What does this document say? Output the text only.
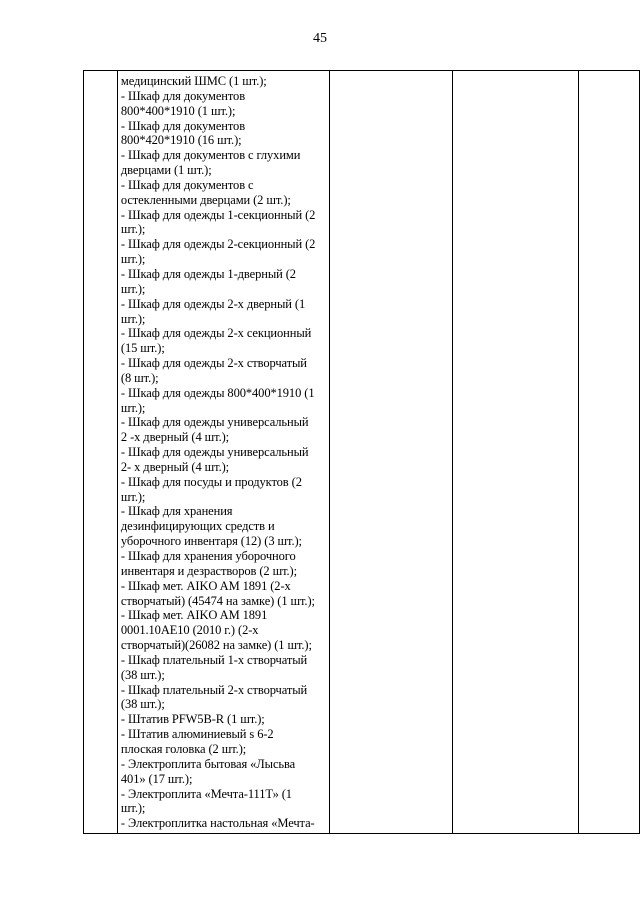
45

медицинский ШМС (1 шт.);
- Шкаф для документов
800*400*1910 (1 шт.);
- Шкаф для документов
800*420*1910 (16 шт.);
- Шкаф для документов с глухими
дверцами (1 шт.);
- Шкаф для документов с
остекленными дверцами (2 шт.);
- Шкаф для одежды 1-секционный (2
шт.);
- Шкаф для одежды 2-секционный (2
шт.);
- Шкаф для одежды 1-дверный (2
шт.);
- Шкаф для одежды 2-х дверный (1
шт.);
- Шкаф для одежды 2-х секционный
(15 шт.);
- Шкаф для одежды 2-х створчатый
(8 шт.);
- Шкаф для одежды 800*400*1910 (1
шт.);
- Шкаф для одежды универсальный
2 -х дверный (4 шт.);
- Шкаф для одежды универсальный
2- х дверный (4 шт.);
- Шкаф для посуды и продуктов (2
шт.);
- Шкаф для хранения
дезинфицирующих средств и
уборочного инвентаря (12) (3 шт.);
- Шкаф для хранения уборочного
инвентаря и дезрастворов (2 шт.);
- Шкаф мет. AIKO AM 1891 (2-х
створчатый) (45474 на замке) (1 шт.);
- Шкаф мет. AIKO AM 1891
0001.10AE10 (2010 г.) (2-х
створчатый)(26082 на замке) (1 шт.);
- Шкаф плательный 1-х створчатый
(38 шт.);
- Шкаф плательный 2-х створчатый
(38 шт.);
- Штатив PFW5B-R (1 шт.);
- Штатив алюминиевый s 6-2
плоская головка (2 шт.);
- Электроплита бытовая «Лысьва
401» (17 шт.);
- Электроплита «Мечта-111Т» (1
шт.);
- Электроплитка настольная «Мечта-
